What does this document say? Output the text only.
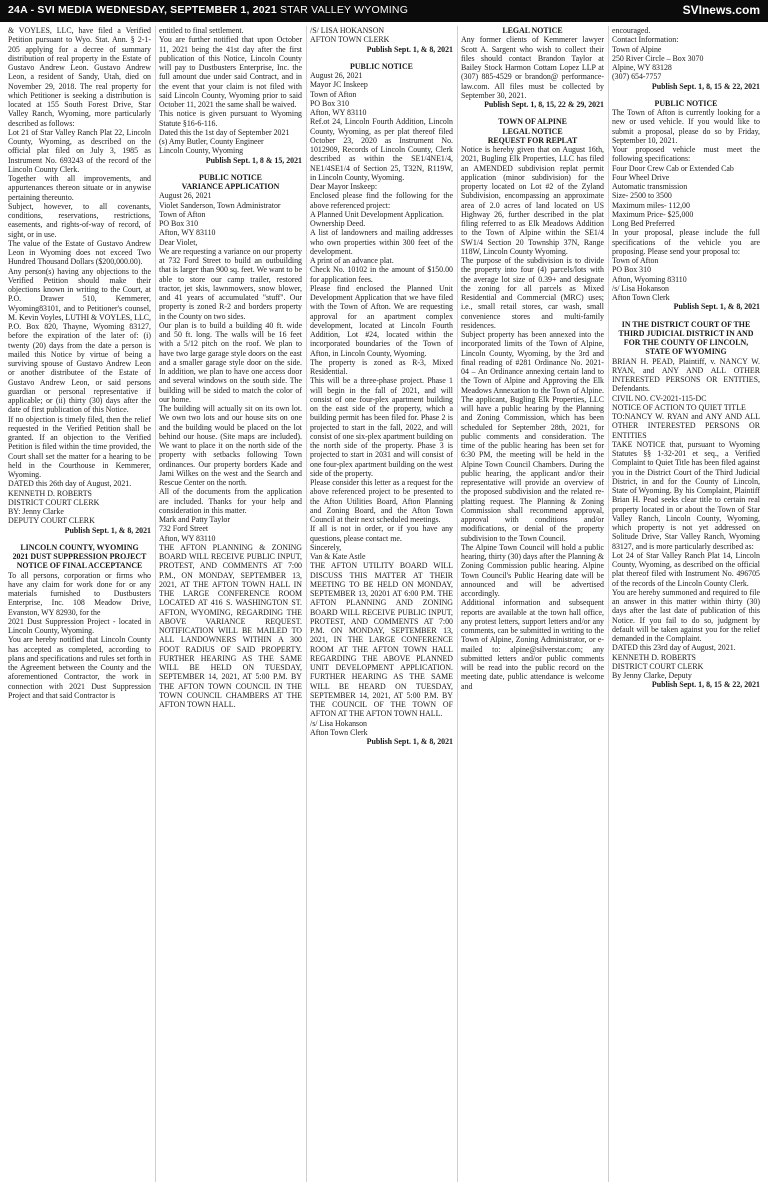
24A - SVI MEDIA WEDNESDAY, SEPTEMBER 1, 2021 STAR VALLEY WYOMING	SVInews.com

& VOYLES, LLC, have filed a Verified Petition pursuant to Wyo. Stat. Ann. § 2-1-205 applying for a decree of summary distribution of real property in the Estate of Gustavo Andrew Leon. Gustavo Andrew Leon, a resident of Sandy, Utah, died on November 29, 2018. The real property for which Petitioner is seeking a distribution is located at 155 South Forest Drive, Star Valley Ranch, Wyoming, more particularly described as follows:

Lot 21 of Star Valley Ranch Plat 22, Lincoln County, Wyoming, as described on the official plat filed on July 3, 1985 as Instrument No. 693243 of the record of the Lincoln County Clerk.

Together with all improvements, and appurtenances thereon situate or in anywise pertaining thereunto.

Subject, however, to all covenants, conditions, reservations, restrictions, easements, and rights-of-way of record, of sight, or in use.

The value of the Estate of Gustavo Andrew Leon in Wyoming does not exceed Two Hundred Thousand Dollars ($200,000.00).

Any person(s) having any objections to the Verified Petition should make their objections known in writing to the Court, at P.O. Drawer 510, Kemmerer, Wyoming83101, and to Petitioner's counsel, M. Kevin Voyles, LUTHI & VOYLES, LLC, P.O. Box 820, Thayne, Wyoming 83127, before the expiration of the later of: (i) twenty (20) days from the date a person is mailed this Notice by virtue of being a surviving spouse of Gustavo Andrew Leon or another distributee of the Estate of Gustavo Andrew Leon, or said persons guardian or personal representative if applicable; or (ii) thirty (30) days after the date of first publication of this Notice.

If no objection is timely filed, then the relief requested in the Verified Petition shall be granted. If an objection to the Verified Petition is filed within the time provided, the Court shall set the matter for a hearing to be held in the Courthouse in Kemmerer, Wyoming.

DATED this 26th day of August, 2021.

KENNETH D. ROBERTS

DISTRICT COURT CLERK

BY: Jenny Clarke

DEPUTY COURT CLERK

Publish Sept. 1, & 8, 2021

LINCOLN COUNTY, WYOMING

2021 DUST SUPPRESSION PROJECT

NOTICE OF FINAL ACCEPTANCE

To all persons, corporation or firms who have any claim for work done for or any materials furnished to Dustbusters Enterprise, Inc. 108 Meadow Drive, Evanston, WY 82930, for the

2021 Dust Suppression Project - located in Lincoln County, Wyoming.

You are hereby notified that Lincoln County has accepted as completed, according to plans and specifications and rules set forth in the Agreement between the County and the aforementioned Contractor, the work in connection with 2021 Dust Suppression Project and that said Contractor is

entitled to final settlement.

You are further notified that upon October 11, 2021 being the 41st day after the first publication of this Notice, Lincoln County will pay to Dustbusters Enterprise, Inc. the full amount due under said Contract, and in the event that your claim is not filed with said Lincoln County, Wyoming prior to said October 11, 2021 the same shall be waived.

This notice is given pursuant to Wyoming Statute §16-6-116.

Dated this the 1st day of September 2021

(s) Amy Butler, County Engineer

Lincoln County, Wyoming

Publish Sept. 1, 8 & 15, 2021

PUBLIC NOTICE

VARIANCE APPLICATION

August 26, 2021

Violet Sanderson, Town Administrator

Town of Afton

PO Box 310

Afton, WY 83110

Dear Violet,

We are requesting a variance on our property at 732 Ford Street to build an outbuilding that is larger than 900 sq. feet. We want to be able to store our camp trailer, restored tractor, jet skis, lawnmowers, snow blower, and 41 years of accumulated "stuff". Our property is zoned R-2 and borders property in the County on two sides.

Our plan is to build a building 40 ft. wide and 50 ft. long. The walls will be 16 feet with a 5/12 pitch on the roof. We plan to have two large garage style doors on the east and a smaller garage style door on the side. In addition, we plan to have one access door and several windows on the south side. The building will be sided to match the color of our home.

The building will actually sit on its own lot. We own two lots and our house sits on one and the building would be placed on the lot behind our house. (Site maps are included). We want to place it on the north side of the property with setbacks following Town ordinances. Our property borders Kade and Jami Wilkes on the west and the Search and Rescue Center on the north.

All of the documents from the application are included. Thanks for your help and consideration in this matter.

Mark and Patty Taylor

732 Ford Street

Afton, WY 83110

THE AFTON PLANNING & ZONING BOARD WILL RECEIVE PUBLIC INPUT, PROTEST, AND COMMENTS AT 7:00 P.M., ON MONDAY, SEPTEMBER 13, 2021, AT THE AFTON TOWN HALL IN THE LARGE CONFERENCE ROOM LOCATED AT 416 S. WASHINGTON ST. AFTON, WYOMING, REGARDING THE ABOVE VARIANCE REQUEST. NOTIFICATION WILL BE MAILED TO ALL LANDOWNERS WITHIN A 300 FOOT RADIUS OF SAID PROPERTY. FURTHER HEARING AS THE SAME WILL BE HELD ON TUESDAY, SEPTEMBER 14, 2021, AT 5:00 P.M. BY THE AFTON TOWN COUNCIL IN THE TOWN COUNCIL CHAMBERS AT THE AFTON TOWN HALL.

/S/ LISA HOKANSON

AFTON TOWN CLERK

Publish Sept. 1, & 8, 2021

PUBLIC NOTICE

August 26, 2021

Mayor JC Inskeep

Town of Afton

PO Box 310

Afton, WY 83110

Ref.ot 24, Lincoln Fourth Addition, Lincoln County, Wyoming, as per plat thereof filed October 23, 2020 as Instrument No. 1012909, Records of Lincoln County, Clerk described as within the SE1/4NE1/4, NE1/4SE1/4 of Section 25, T32N, R119W, in Lincoln County, Wyoming.

Dear Mayor Inskeep:

Enclosed please find the following for the above referenced project:

A Planned Unit Development Application.

Ownership Deed.

A list of landowners and mailing addresses who own properties within 300 feet of the development.

A print of an advance plat.

Check No. 10102 in the amount of $150.00 for application fees.

Please find enclosed the Planned Unit Development Application that we have filed with the Town of Afton. We are requesting approval for an apartment complex development, located at Lincoln Fourth Addition, Lot #24, located within the incorporated boundaries of the Town of Afton, in Lincoln County, Wyoming.

The property is zoned as R-3, Mixed Residential.

This will be a three-phase project. Phase 1 will begin in the fall of 2021, and will consist of one four-plex apartment building on the east side of the property, which a building permit has been filed for. Phase 2 is projected to start in the fall, 2022, and will consist of one six-plex apartment building on the north side of the property. Phase 3 is projected to start in 2031 and will consist of one four-plex apartment building on the west side of the property.

Please consider this letter as a request for the above referenced project to be presented to the Afton Utilities Board, Afton Planning and Zoning Board, and the Afton Town Council at their next scheduled meetings.

If all is not in order, or if you have any questions, please contact me.

Sincerely,

Van & Kate Astle

THE AFTON UTILITY BOARD WILL DISCUSS THIS MATTER AT THEIR MEETING TO BE HELD ON MONDAY, SEPTEMBER 13, 20201 AT 6:00 P.M. THE AFTON PLANNING AND ZONING BOARD WILL RECEIVE PUBLIC INPUT, PROTEST, AND COMMENTS AT 7:00 P.M. ON MONDAY, SEPTEMBER 13, 2021, IN THE LARGE CONFERENCE ROOM AT THE AFTON TOWN HALL REGARDING THE ABOVE PLANNED UNIT DEVELOPMENT APPLICATION. FURTHER HEARING AS THE SAME WILL BE HEARD ON TUESDAY, SEPTEMBER 14, 2021, AT 5:00 P.M. BY THE COUNCIL OF THE TOWN OF AFTON AT THE AFTON TOWN HALL.

/s/ Lisa Hokanson

Afton Town Clerk

Publish Sept. 1, & 8, 2021

LEGAL NOTICE

Any former clients of Kemmerer lawyer Scott A. Sargent who wish to collect their files should contact Brandon Taylor at Bailey Stock Harmon Cottam Lopez LLP at (307) 885-4529 or brandon@ performance-law.com. All files must be collected by September 30, 2021.

Publish Sept. 1, 8, 15, 22 & 29, 2021

TOWN OF ALPINE

LEGAL NOTICE

REQUEST FOR REPLAT

Notice is hereby given that on August 16th, 2021, Bugling Elk Properties, LLC has filed an AMENDED subdivision replat permit application (minor subdivision) for the property located on Lot #2 of the Zyland Subdivision, encompassing an approximate area of 2.0 acres of land located on US Highway 26, further described in the plat filing referred to as Elk Meadows Addition to the Town of Alpine within the SE1/4 SW1/4 Section 20 Township 37N, Range 118W, Lincoln County Wyoming.

The purpose of the subdivision is to divide the property into four (4) parcels/lots with the average lot size of 0.39+ and designate the zoning for all parcels as Mixed Residential and Commercial (MRC) uses; i.e., small retail stores, car wash, small convenience stores and multi-family residences.

Subject property has been annexed into the incorporated limits of the Town of Alpine, Lincoln County, Wyoming, by the 3rd and final reading of #281 Ordinance No. 2021-04 – An Ordinance annexing certain land to the Town of Alpine and Approving the Elk Meadows Annexation to the Town of Alpine. The applicant, Bugling Elk Properties, LLC will have a public hearing by the Planning and Zoning Commission, which has been scheduled for September 28th, 2021, for public comments and consideration. The time of the public hearing has been set for 6:30 PM, the meeting will be held in the Alpine Town Council Chambers. During the public hearing, the applicant and/or their representative will provide an overview of the proposed subdivision and the related re-platting request. The Planning & Zoning Commission shall recommend approval, approval with conditions and/or modifications, or denial of the property subdivision to the Town Council.

The Alpine Town Council will hold a public hearing, thirty (30) days after the Planning & Zoning Commission public hearing. Alpine Town Council's Public Hearing date will be announced and will be advertised accordingly.

Additional information and subsequent reports are available at the town hall office, any protest letters, support letters and/or any comments, can be submitted in writing to the Town of Alpine, Zoning Administrator, or e-mailed to: alpine@silverstar.com; any submitted letters and/or public comments will be read into the public record on the meeting date, public attendance is welcome and

encouraged.

Contact Information:

Town of Alpine

250 River Circle – Box 3070

Alpine, WY 83128

(307) 654-7757

Publish Sept. 1, 8, 15 & 22, 2021

PUBLIC NOTICE

The Town of Afton is currently looking for a new or used vehicle. If you would like to submit a proposal, please do so by Friday, September 10, 2021.

Your proposed vehicle must meet the following specifications:

Four Door Crew Cab or Extended Cab

Four Wheel Drive

Automatic transmission

Size- 2500 to 3500

Maximum miles- 112,00

Maximum Price- $25,000

Long Bed Preferred

In your proposal, please include the full specifications of the vehicle you are proposing. Please send your proposal to:

Town of Afton

PO Box 310

Afton, Wyoming 83110

/s/ Lisa Hokanson

Afton Town Clerk

Publish Sept. 1, & 8, 2021

IN THE DISTRICT COURT OF THE THIRD JUDICIAL DISTRICT IN AND FOR THE COUNTY OF LINCOLN, STATE OF WYOMING

BRIAN H. PEAD, Plaintiff, v. NANCY W. RYAN, and ANY AND ALL OTHER INTERESTED PERSONS OR ENTITIES, Defendants.

CIVIL NO. CV-2021-115-DC

NOTICE OF ACTION TO QUIET TITLE

TO:NANCY W. RYAN and ANY AND ALL OTHER INTERESTED PERSONS OR ENTITIES

TAKE NOTICE that, pursuant to Wyoming Statutes §§ 1-32-201 et seq., a Verified Complaint to Quiet Title has been filed against you in the District Court of the Third Judicial District, in and for the County of Lincoln, State of Wyoming. By his Complaint, Plaintiff Brian H. Pead seeks clear title to certain real property located in or about the Town of Star Valley Ranch, Lincoln County, Wyoming, which property is not yet addressed on Solitude Drive, Star Valley Ranch, Wyoming 83127, and is more particularly described as:

Lot 24 of Star Valley Ranch Plat 14, Lincoln County, Wyoming, as described on the official plat thereof filed with Instrument No. 496705 of the records of the Lincoln County Clerk.

You are hereby summoned and required to file an answer in this matter within thirty (30) days after the last date of publication of this Notice. If you fail to do so, judgment by default will be taken against you for the relief demanded in the Complaint.

DATED this 23rd day of August, 2021.

KENNETH D. ROBERTS

DISTRICT COURT CLERK

By Jenny Clarke, Deputy

Publish Sept. 1, 8, 15 & 22, 2021
